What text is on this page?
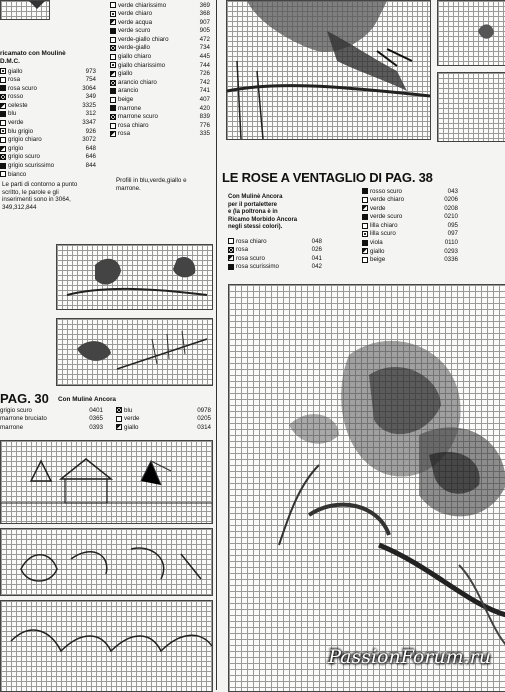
ricamato con Moulinè
D.M.C.
giallo	973
rosa	754
rosa scuro	3064
rosso	349
celeste	3325
blu	312
verde	3347
blu grigio	926
grigio chiaro	3072
grigio	648
grigio scuro	646
grigio scurissimo	844
bianco
Le parti di contorno a punto
scritto, le parole e gli
inserimenti sono in 3064,
349,312,844
verde chiarissimo	369
verde chiaro	368
verde acqua	907
verde scuro	905
verde-giallo chiaro	472
verde-giallo	734
giallo chiaro	445
giallo chiarissimo	744
giallo	726
arancio chiaro	742
arancio	741
beige	407
marrone	420
marrone scuro	839
rosa chiaro	776
rosa	335
Profili in blu,verde,giallo e
marrone.
PAG. 30 Con Mulinè Ancora
grigio scuro	0401
marrone bruciato	0365
marrone	0393
blu	0978
verde	0205
giallo	0314
LE ROSE A VENTAGLIO DI PAG. 38
Con Mulinè Ancora
per il portalettere
e (la poltrona è in
Ricamo Morbido Ancora
negli stessi colori).
rosa chiaro	048
rosa	026
rosa scuro	041
rosa scurissimo	042
rosso scuro	043
verde chiaro	0206
verde	0208
verde scuro	0210
lilla chiaro	095
lilla scuro	097
viola	0110
giallo	0293
beige	0336
PassionForum.ru
